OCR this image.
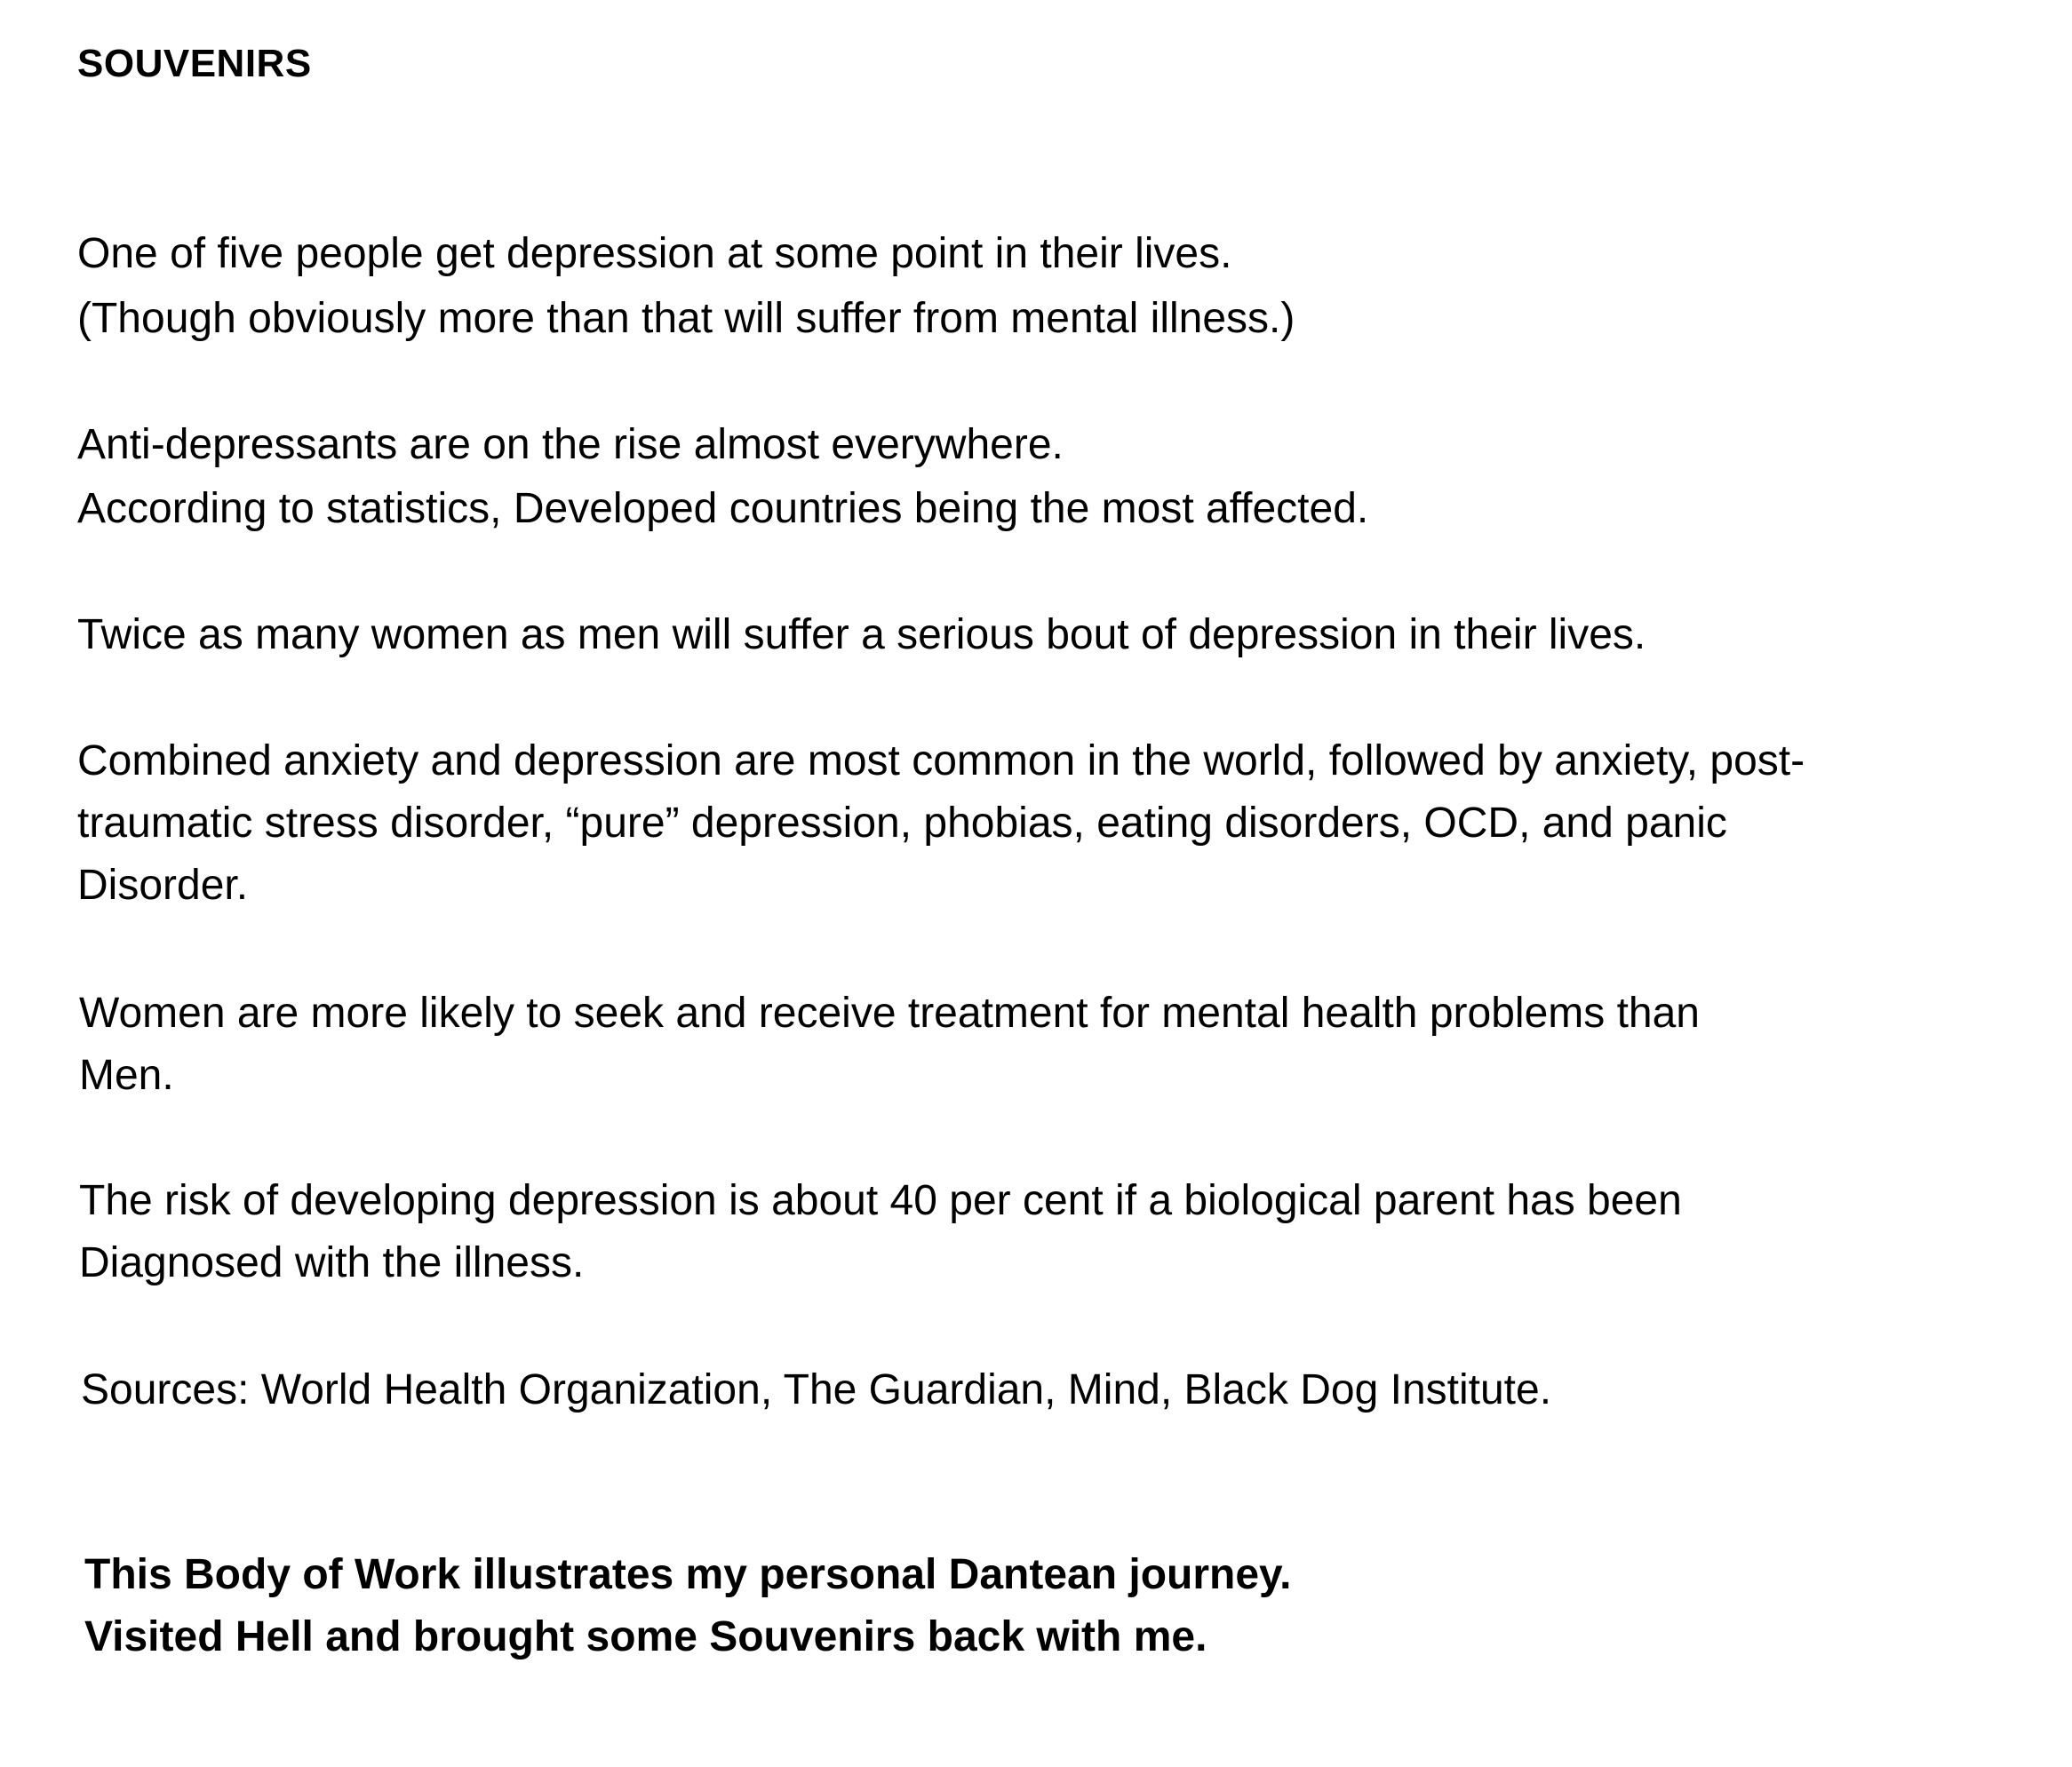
SOUVENIRS
One of five people get depression at some point in their lives.
(Though obviously more than that will suffer from mental illness.)
Anti-depressants are on the rise almost everywhere.
According to statistics, Developed countries being the most affected.
Twice as many women as men will suffer a serious bout of depression in their lives.
Combined anxiety and depression are most common in the world, followed by anxiety, post-
traumatic stress disorder, “pure” depression, phobias, eating disorders, OCD, and panic
Disorder.
Women are more likely to seek and receive treatment for mental health problems than
Men.
The risk of developing depression is about 40 per cent if a biological parent has been
Diagnosed with the illness.
Sources: World Health Organization, The Guardian, Mind, Black Dog Institute.
This Body of Work illustrates my personal Dantean journey.
Visited Hell and brought some Souvenirs back with me.
